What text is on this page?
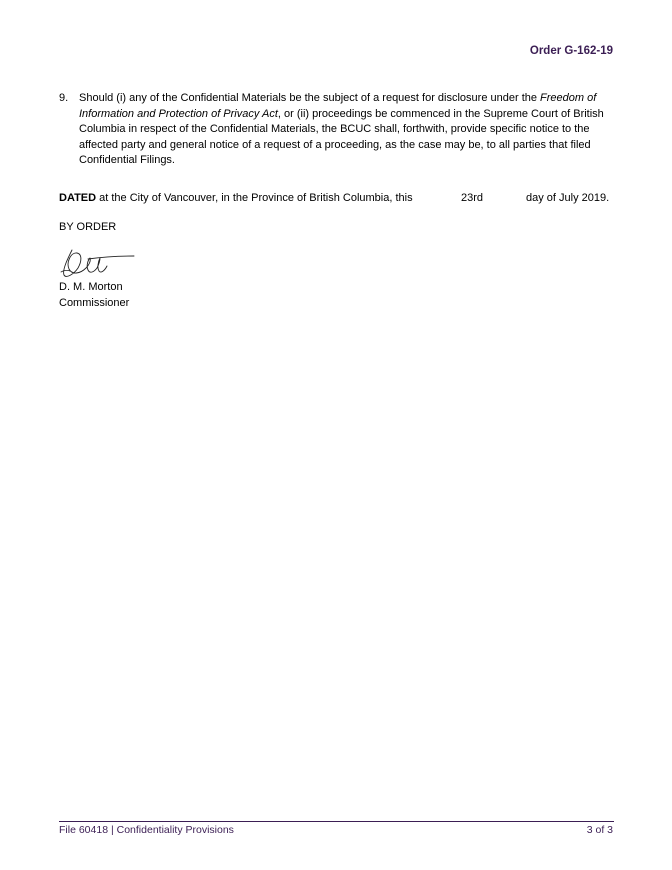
Order G-162-19
9. Should (i) any of the Confidential Materials be the subject of a request for disclosure under the Freedom of Information and Protection of Privacy Act, or (ii) proceedings be commenced in the Supreme Court of British Columbia in respect of the Confidential Materials, the BCUC shall, forthwith, provide specific notice to the affected party and general notice of a request of a proceeding, as the case may be, to all parties that filed Confidential Filings.
DATED at the City of Vancouver, in the Province of British Columbia, this	23rd	day of July 2019.
BY ORDER
D. M. Morton
Commissioner
File 60418 | Confidentiality Provisions	3 of 3
